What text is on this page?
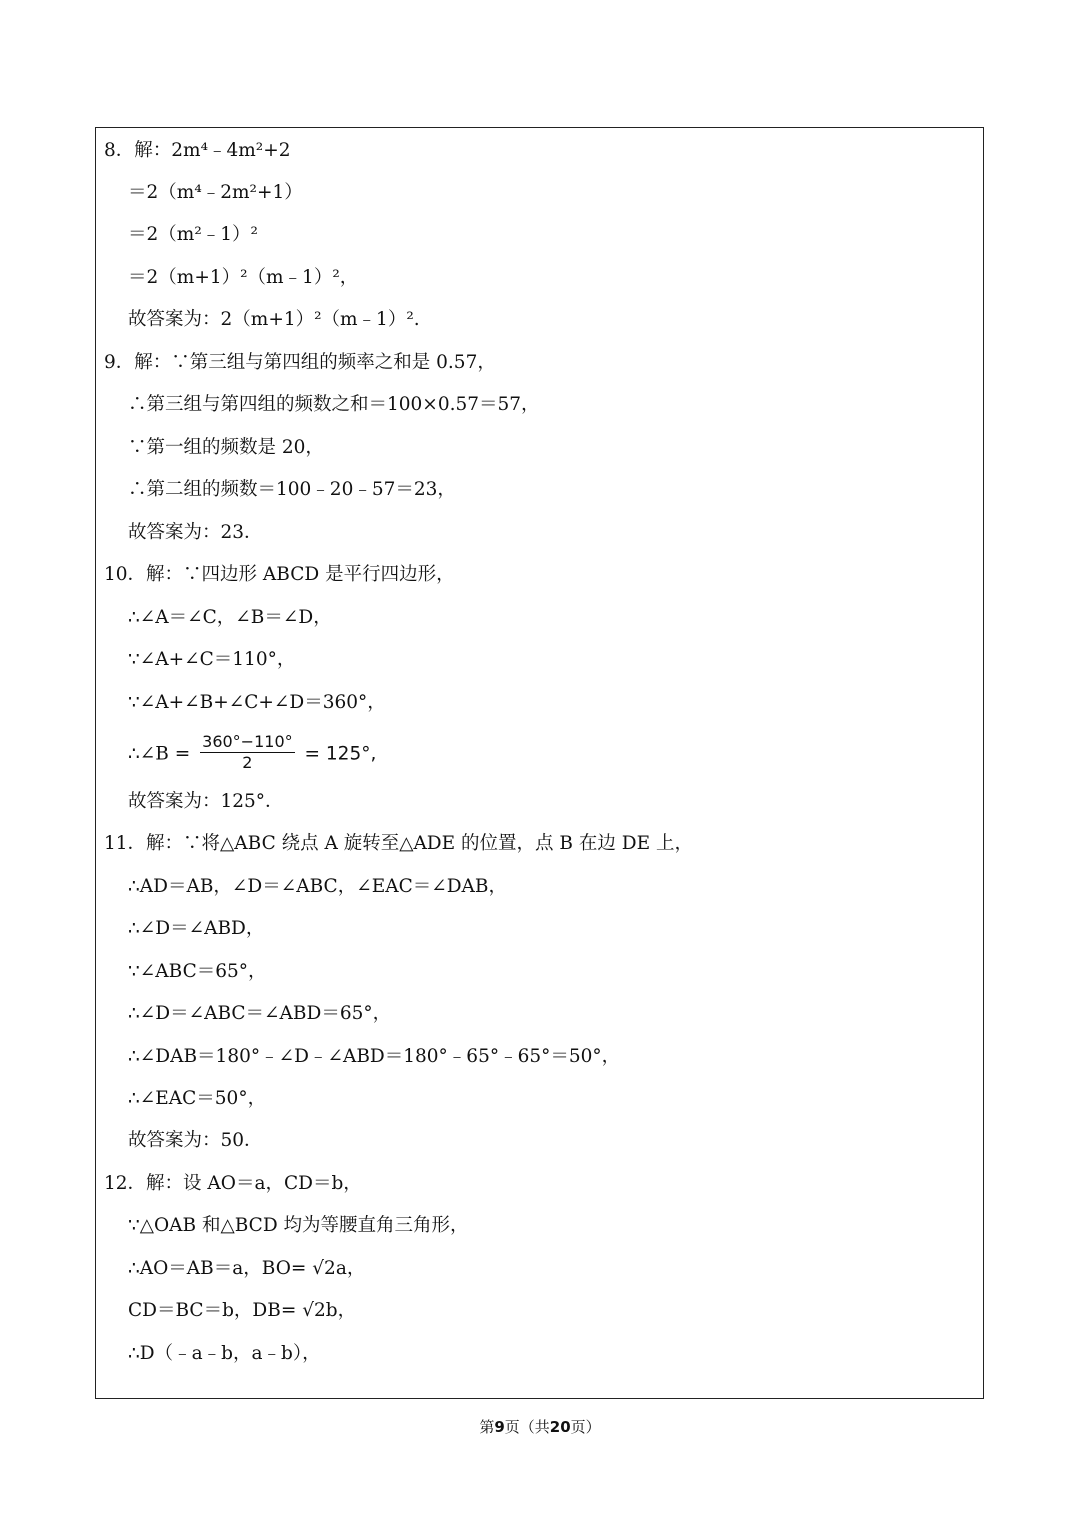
8．解：2m⁴﹣4m²+2
＝2（m⁴﹣2m²+1）
＝2（m²﹣1）²
＝2（m+1）²（m﹣1）²，
故答案为：2（m+1）²（m﹣1）².
9．解：∵第三组与第四组的频率之和是 0.57，
∴第三组与第四组的频数之和＝100×0.57＝57，
∵第一组的频数是 20，
∴第二组的频数＝100﹣20﹣57＝23，
故答案为：23．
10．解：∵四边形 ABCD 是平行四边形，
∴∠A＝∠C，∠B＝∠D，
∵∠A+∠C＝110°，
∵∠A+∠B+∠C+∠D＝360°，
∴∠B = $\frac{360^\circ-110^\circ}{2} = 125^\circ$,
故答案为：125°．
11．解：∵将△ABC 绕点 A 旋转至△ADE 的位置，点 B 在边 DE 上，
∴AD＝AB，∠D＝∠ABC，∠EAC＝∠DAB，
∴∠D＝∠ABD，
∵∠ABC＝65°，
∴∠D＝∠ABC＝∠ABD＝65°，
∴∠DAB＝180°﹣∠D﹣∠ABD＝180°﹣65°﹣65°＝50°，
∴∠EAC＝50°，
故答案为：50．
12．解：设 AO＝a，CD＝b，
∵△OAB 和△BCD 均为等腰直角三角形，
∴AO＝AB＝a，BO= √2a，
CD＝BC＝b，DB= √2b，
∴D（﹣a﹣b，a﹣b），
第9页（共20页）
